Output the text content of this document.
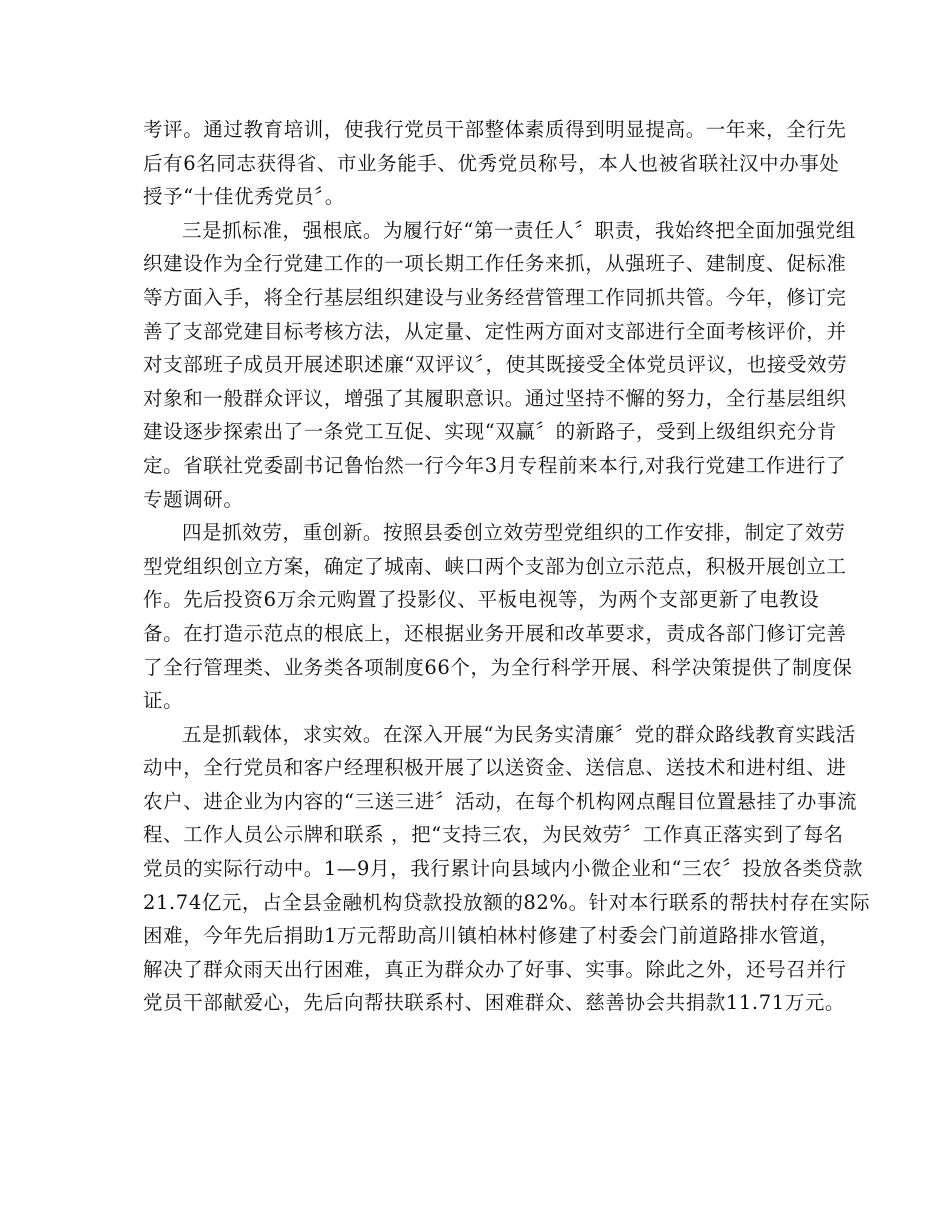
考评。通过教育培训，使我行党员干部整体素质得到明显提高。一年来，全行先
后有6名同志获得省、市业务能手、优秀党员称号，本人也被省联社汉中办事处
授予“十佳优秀党员〞。
三是抓标准，强根底。为履行好“第一责任人〞职责，我始终把全面加强党组
织建设作为全行党建工作的一项长期工作任务来抓，从强班子、建制度、促标准
等方面入手，将全行基层组织建设与业务经营管理工作同抓共管。今年，修订完
善了支部党建目标考核方法，从定量、定性两方面对支部进行全面考核评价，并
对支部班子成员开展述职述廉“双评议〞，使其既接受全体党员评议，也接受效劳
对象和一般群众评议，增强了其履职意识。通过坚持不懈的努力，全行基层组织
建设逐步探索出了一条党工互促、实现“双赢〞的新路子，受到上级组织充分肯
定。省联社党委副书记鲁怡然一行今年3月专程前来本行,对我行党建工作进行了
专题调研。
四是抓效劳，重创新。按照县委创立效劳型党组织的工作安排，制定了效劳
型党组织创立方案，确定了城南、峡口两个支部为创立示范点，积极开展创立工
作。先后投资6万余元购置了投影仪、平板电视等，为两个支部更新了电教设
备。在打造示范点的根底上，还根据业务开展和改革要求，责成各部门修订完善
了全行管理类、业务类各项制度66个，为全行科学开展、科学决策提供了制度保
证。
五是抓载体，求实效。在深入开展“为民务实清廉〞党的群众路线教育实践活
动中，全行党员和客户经理积极开展了以送资金、送信息、送技术和进村组、进
农户、进企业为内容的“三送三进〞活动，在每个机构网点醒目位置悬挂了办事流
程、工作人员公示牌和联系 ，把“支持三农，为民效劳〞工作真正落实到了每名
党员的实际行动中。1—9月，我行累计向县域内小微企业和“三农〞投放各类贷款
21.74亿元，占全县金融机构贷款投放额的82%。针对本行联系的帮扶村存在实际
困难，今年先后捐助1万元帮助高川镇柏林村修建了村委会门前道路排水管道，
解决了群众雨天出行困难，真正为群众办了好事、实事。除此之外，还号召并行
党员干部献爱心，先后向帮扶联系村、困难群众、慈善协会共捐款11.71万元。
